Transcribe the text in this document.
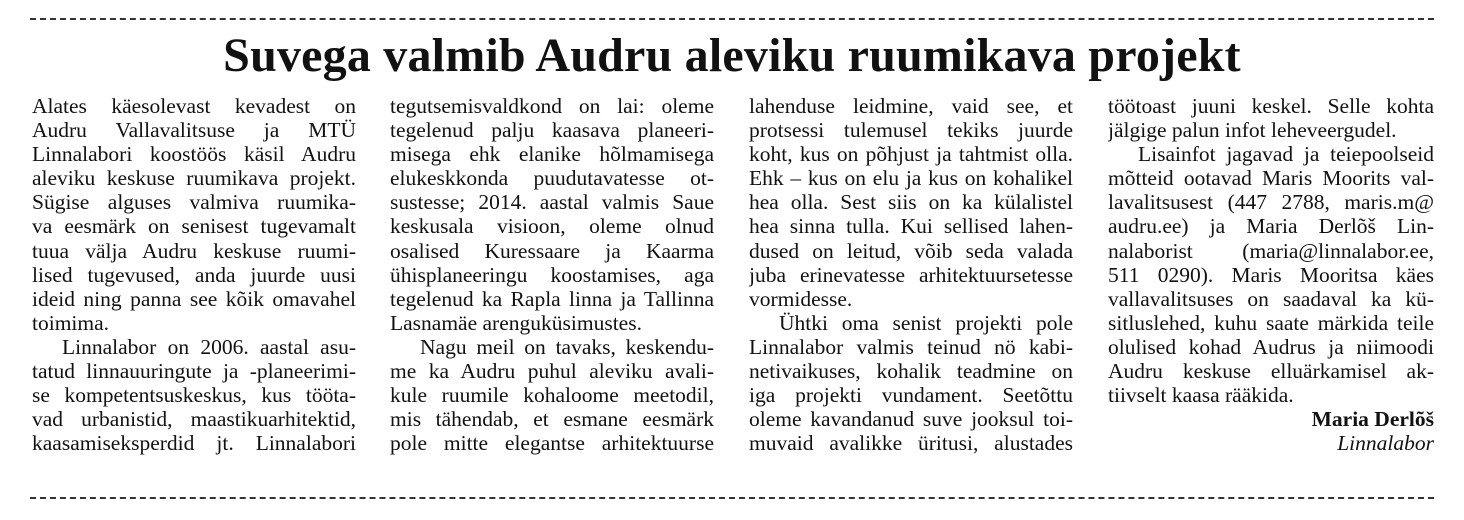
Suvega valmib Audru aleviku ruumikava projekt
Alates käesolevast kevadest on
Audru Vallavalitsuse ja MTÜ
Linnalabori koostöös käsil Audru
aleviku keskuse ruumikava projekt.
Sügise alguses valmiva ruumika-
va eesmärk on senisest tugevamalt
tuua välja Audru keskuse ruumi-
lised tugevused, anda juurde uusi
ideid ning panna see kõik omavahel
toimima.
Linnalabor on 2006. aastal asu-
tatud linnauuringute ja -planeerimi-
se kompetentsuskeskus, kus tööta-
vad urbanistid, maastikuarhitektid,
kaasamiseksperdid jt. Linnalabori
tegutsemisvaldkond on lai: oleme
tegelenud palju kaasava planeeri-
misega ehk elanike hõlmamisega
elukeskkonda puudutavatesse ot-
sustesse; 2014. aastal valmis Saue
keskusala visioon, oleme olnud
osalised Kuressaare ja Kaarma
ühisplaneeringu koostamises, aga
tegelenud ka Rapla linna ja Tallinna
Lasnamäe arenguküsimustes.
Nagu meil on tavaks, keskendu-
me ka Audru puhul aleviku avali-
kule ruumile kohaloome meetodil,
mis tähendab, et esmane eesmärk
pole mitte elegantse arhitektuurse
lahenduse leidmine, vaid see, et
protsessi tulemusel tekiks juurde
koht, kus on põhjust ja tahtmist olla.
Ehk – kus on elu ja kus on kohalikel
hea olla. Sest siis on ka külalistel
hea sinna tulla. Kui sellised lahen-
dused on leitud, võib seda valada
juba erinevatesse arhitektuursetesse
vormidesse.
Ühtki oma senist projekti pole
Linnalabor valmis teinud nö kabi-
netivaikuses, kohalik teadmine on
iga projekti vundament. Seetõttu
oleme kavandanud suve jooksul toi-
muvaid avalikke üritusi, alustades
töötoast juuni keskel. Selle kohta
jälgige palun infot leheveergudel.
Lisainfot jagavad ja teiepoolseid
mõtteid ootavad Maris Moorits val-
lavalitsusest (447 2788, maris.m@
audru.ee) ja Maria Derlõš Lin-
nalaborist (maria@linnalabor.ee,
511 0290). Maris Mooritsa käes
vallavalitsuses on saadaval ka kü-
sitluslehed, kuhu saate märkida teile
olulised kohad Audrus ja niimoodi
Audru keskuse elluärkamisel ak-
tiivselt kaasa rääkida.
Maria Derlõš
Linnalabor
